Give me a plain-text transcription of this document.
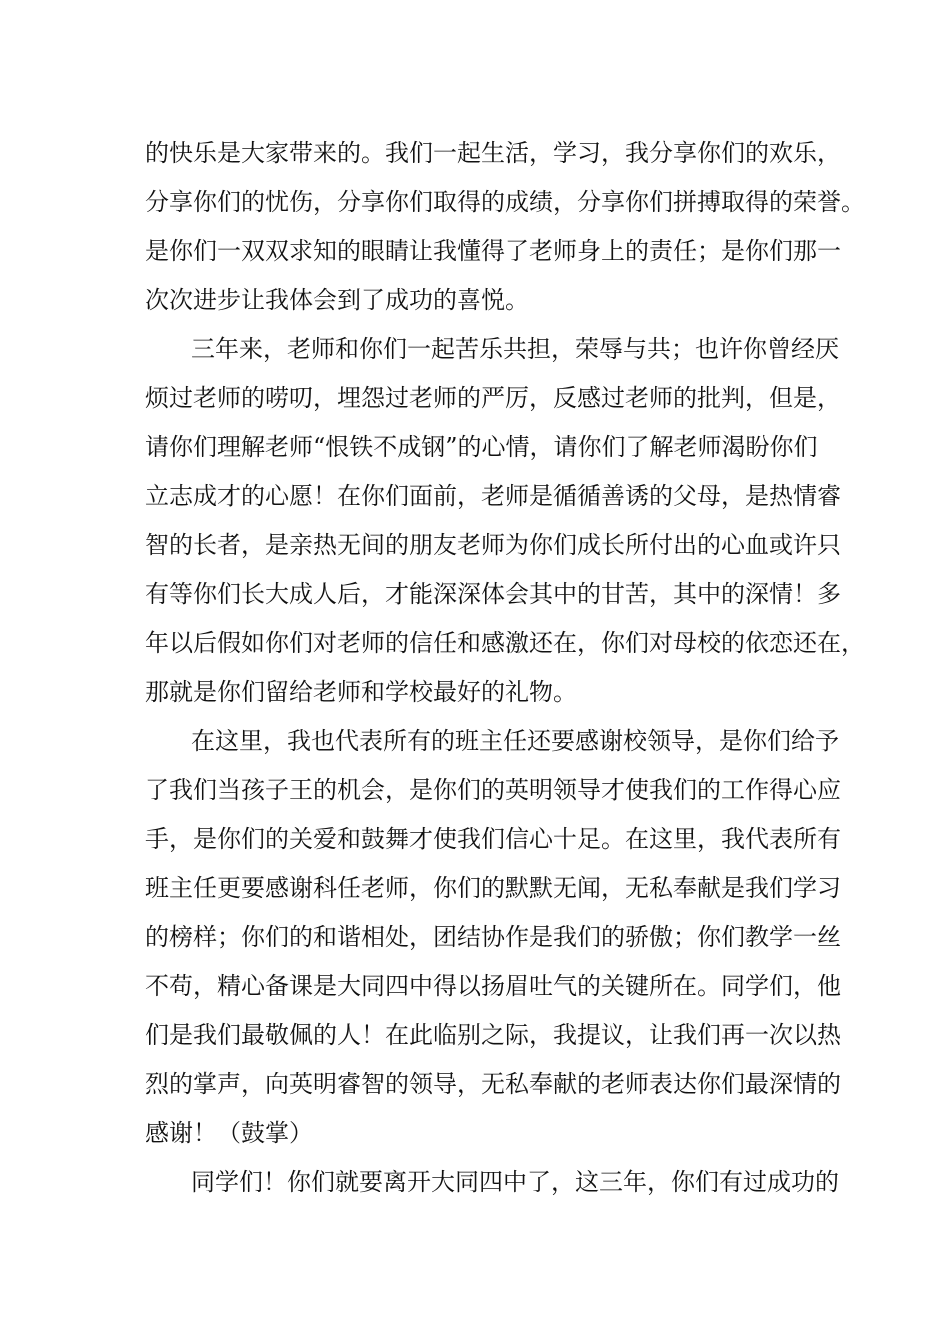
的快乐是大家带来的。我们一起生活，学习，我分享你们的欢乐，
分享你们的忧伤，分享你们取得的成绩，分享你们拼搏取得的荣誉。
是你们一双双求知的眼睛让我懂得了老师身上的责任；是你们那一
次次进步让我体会到了成功的喜悦。
三年来，老师和你们一起苦乐共担，荣辱与共；也许你曾经厌
烦过老师的唠叨，埋怨过老师的严厉，反感过老师的批判，但是，
请你们理解老师“恨铁不成钢”的心情，请你们了解老师渴盼你们
立志成才的心愿！在你们面前，老师是循循善诱的父母，是热情睿
智的长者，是亲热无间的朋友老师为你们成长所付出的心血或许只
有等你们长大成人后，才能深深体会其中的甘苦，其中的深情！多
年以后假如你们对老师的信任和感激还在，你们对母校的依恋还在，
那就是你们留给老师和学校最好的礼物。
在这里，我也代表所有的班主任还要感谢校领导，是你们给予
了我们当孩子王的机会，是你们的英明领导才使我们的工作得心应
手，是你们的关爱和鼓舞才使我们信心十足。在这里，我代表所有
班主任更要感谢科任老师，你们的默默无闻，无私奉献是我们学习
的榜样；你们的和谐相处，团结协作是我们的骄傲；你们教学一丝
不苟，精心备课是大同四中得以扬眉吐气的关键所在。同学们，他
们是我们最敬佩的人！在此临别之际，我提议，让我们再一次以热
烈的掌声，向英明睿智的领导，无私奉献的老师表达你们最深情的
感谢！（鼓掌）
同学们！你们就要离开大同四中了，这三年，你们有过成功的
